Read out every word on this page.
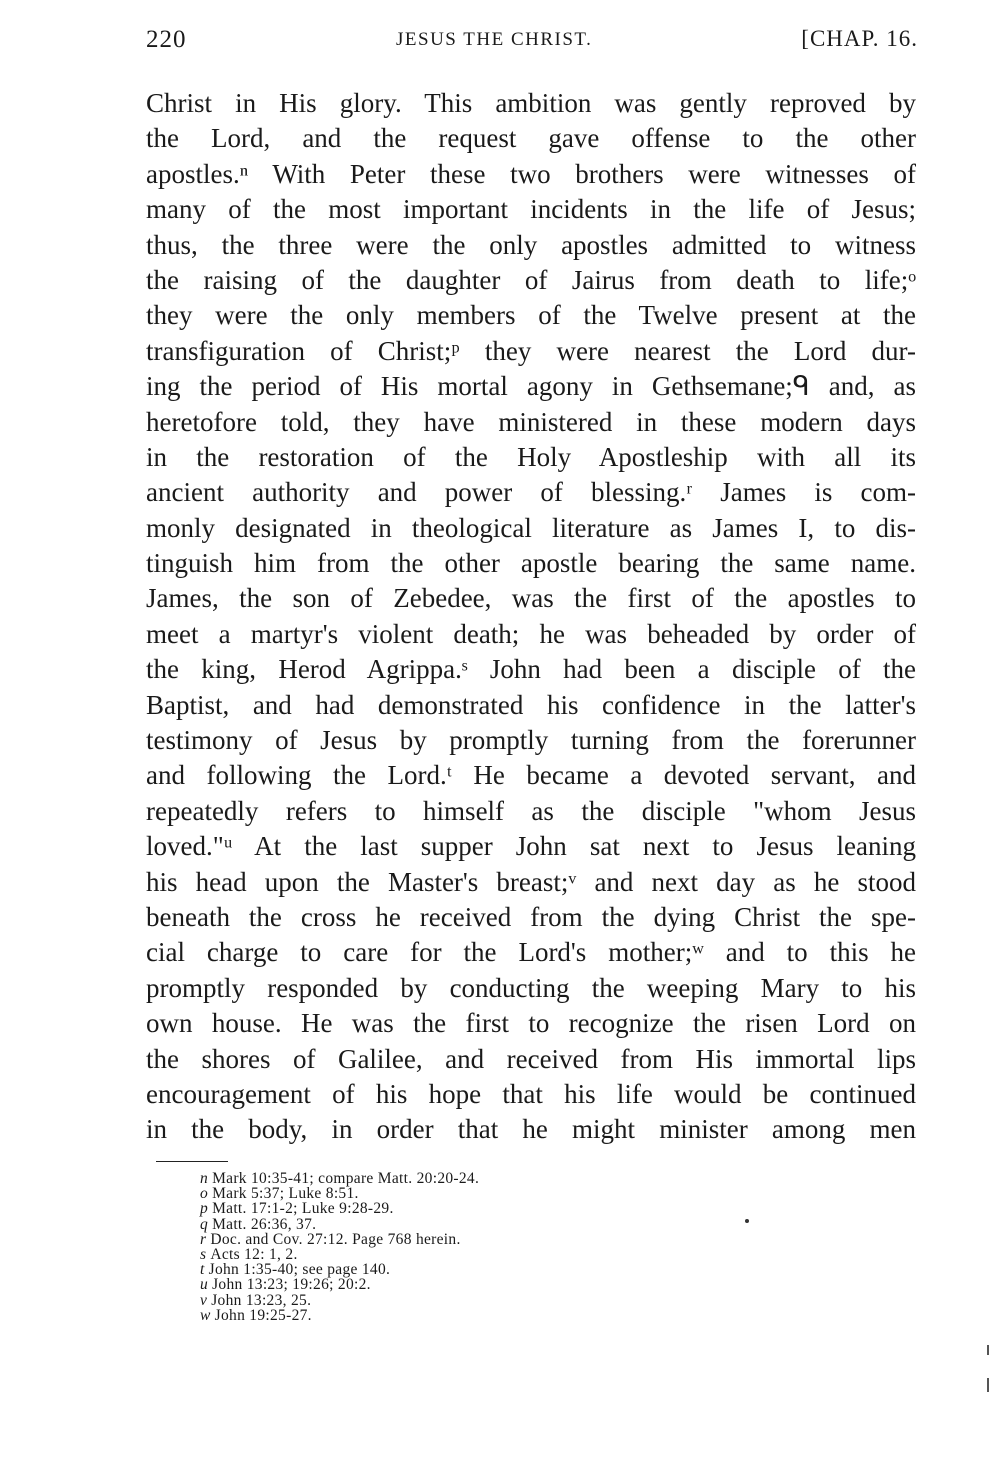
220	JESUS THE CHRIST.	[CHAP. 16.
Christ in His glory. This ambition was gently reproved by
the Lord, and the request gave offense to the other
apostles.ⁿ With Peter these two brothers were witnesses of
many of the most important incidents in the life of Jesus;
thus, the three were the only apostles admitted to witness
the raising of the daughter of Jairus from death to life;ᵒ
they were the only members of the Twelve present at the
transfiguration of Christ;ᵖ they were nearest the Lord dur-
ing the period of His mortal agony in Gethsemane;ᑫ and, as
heretofore told, they have ministered in these modern days
in the restoration of the Holy Apostleship with all its
ancient authority and power of blessing.ʳ James is com-
monly designated in theological literature as James I, to dis-
tinguish him from the other apostle bearing the same name.
James, the son of Zebedee, was the first of the apostles to
meet a martyr's violent death; he was beheaded by order of
the king, Herod Agrippa.ˢ John had been a disciple of the
Baptist, and had demonstrated his confidence in the latter's
testimony of Jesus by promptly turning from the forerunner
and following the Lord.ᵗ He became a devoted servant, and
repeatedly refers to himself as the disciple "whom Jesus
loved."ᵘ At the last supper John sat next to Jesus leaning
his head upon the Master's breast;ᵛ and next day as he stood
beneath the cross he received from the dying Christ the spe-
cial charge to care for the Lord's mother;ʷ and to this he
promptly responded by conducting the weeping Mary to his
own house. He was the first to recognize the risen Lord on
the shores of Galilee, and received from His immortal lips
encouragement of his hope that his life would be continued
in the body, in order that he might minister among men
n Mark 10:35-41; compare Matt. 20:20-24.
o Mark 5:37; Luke 8:51.
p Matt. 17:1-2; Luke 9:28-29.
q Matt. 26:36, 37.
r Doc. and Cov. 27:12. Page 768 herein.
s Acts 12: 1, 2.
t John 1:35-40; see page 140.
u John 13:23; 19:26; 20:2.
v John 13:23, 25.
w John 19:25-27.
